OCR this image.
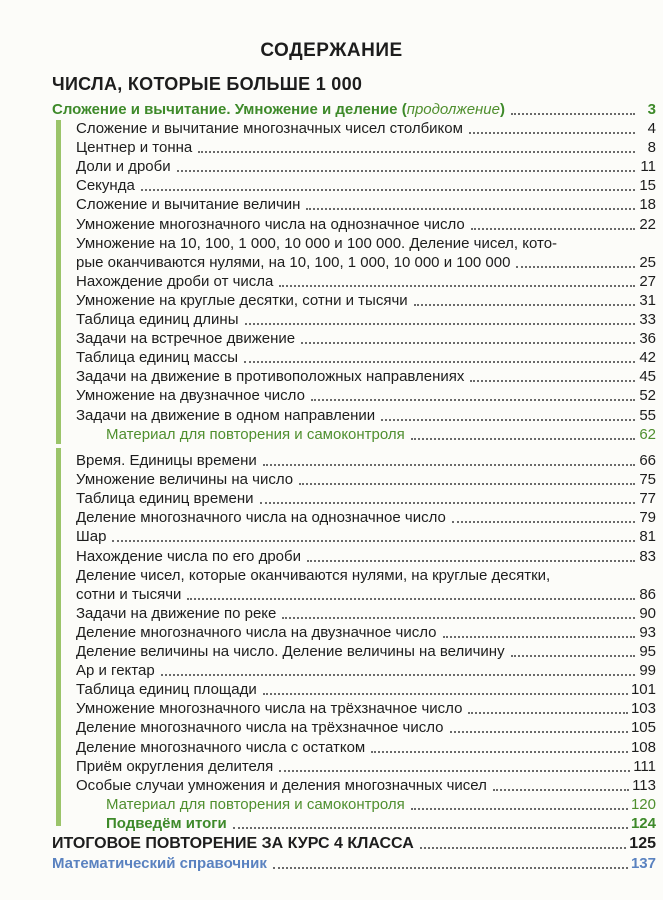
СОДЕРЖАНИЕ
ЧИСЛА, КОТОРЫЕ БОЛЬШЕ 1 000
Сложение и вычитание. Умножение и деление (продолжение)	3
Сложение и вычитание многозначных чисел столбиком	4
Центнер и тонна	8
Доли и дроби	11
Секунда	15
Сложение и вычитание величин	18
Умножение многозначного числа на однозначное число	22
Умножение на 10, 100, 1 000, 10 000 и 100 000. Деление чисел, кото-
рые оканчиваются нулями, на 10, 100, 1 000, 10 000 и 100 000	25
Нахождение дроби от числа	27
Умножение на круглые десятки, сотни и тысячи	31
Таблица единиц длины	33
Задачи на встречное движение	36
Таблица единиц массы	42
Задачи на движение в противоположных направлениях	45
Умножение на двузначное число	52
Задачи на движение в одном направлении	55
Материал для повторения и самоконтроля	62
Время. Единицы времени	66
Умножение величины на число	75
Таблица единиц времени	77
Деление многозначного числа на однозначное число	79
Шар	81
Нахождение числа по его дроби	83
Деление чисел, которые оканчиваются нулями, на круглые десятки,
сотни и тысячи	86
Задачи на движение по реке	90
Деление многозначного числа на двузначное число	93
Деление величины на число. Деление величины на величину	95
Ар и гектар	99
Таблица единиц площади	101
Умножение многозначного числа на трёхзначное число	103
Деление многозначного числа на трёхзначное число	105
Деление многозначного числа с остатком	108
Приём округления делителя	111
Особые случаи умножения и деления многозначных чисел	113
Материал для повторения и самоконтроля	120
Подведём итоги	124
ИТОГОВОЕ ПОВТОРЕНИЕ ЗА КУРС 4 КЛАССА	125
Математический справочник	137
